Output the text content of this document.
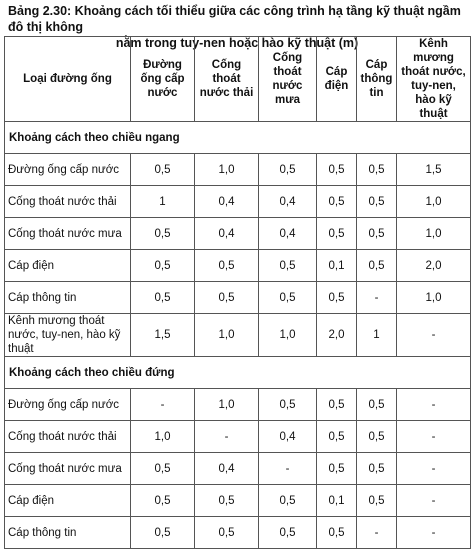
Bảng 2.30: Khoảng cách tối thiểu giữa các công trình hạ tầng kỹ thuật ngầm đô thị không
nằm trong tuy-nen hoặc hào kỹ thuật (m)
Loại đường ống	Đường ống cấp nước	Cống thoát nước thải	Cống thoát nước mưa	Cáp điện	Cáp thông tin	Kênh mương thoát nước, tuy-nen, hào kỹ thuật
Khoảng cách theo chiều ngang						
Đường ống cấp nước	0,5	1,0	0,5	0,5	0,5	1,5
Cống thoát nước thải	1	0,4	0,4	0,5	0,5	1,0
Cống thoát nước mưa	0,5	0,4	0,4	0,5	0,5	1,0
Cáp điện	0,5	0,5	0,5	0,1	0,5	2,0
Cáp thông tin	0,5	0,5	0,5	0,5	-	1,0
Kênh mương thoát nước, tuy-nen, hào kỹ thuật	1,5	1,0	1,0	2,0	1	-
Khoảng cách theo chiều đứng						
Đường ống cấp nước	-	1,0	0,5	0,5	0,5	-
Cống thoát nước thải	1,0	-	0,4	0,5	0,5	-
Cống thoát nước mưa	0,5	0,4	-	0,5	0,5	-
Cáp điện	0,5	0,5	0,5	0,1	0,5	-
Cáp thông tin	0,5	0,5	0,5	0,5	-	-
